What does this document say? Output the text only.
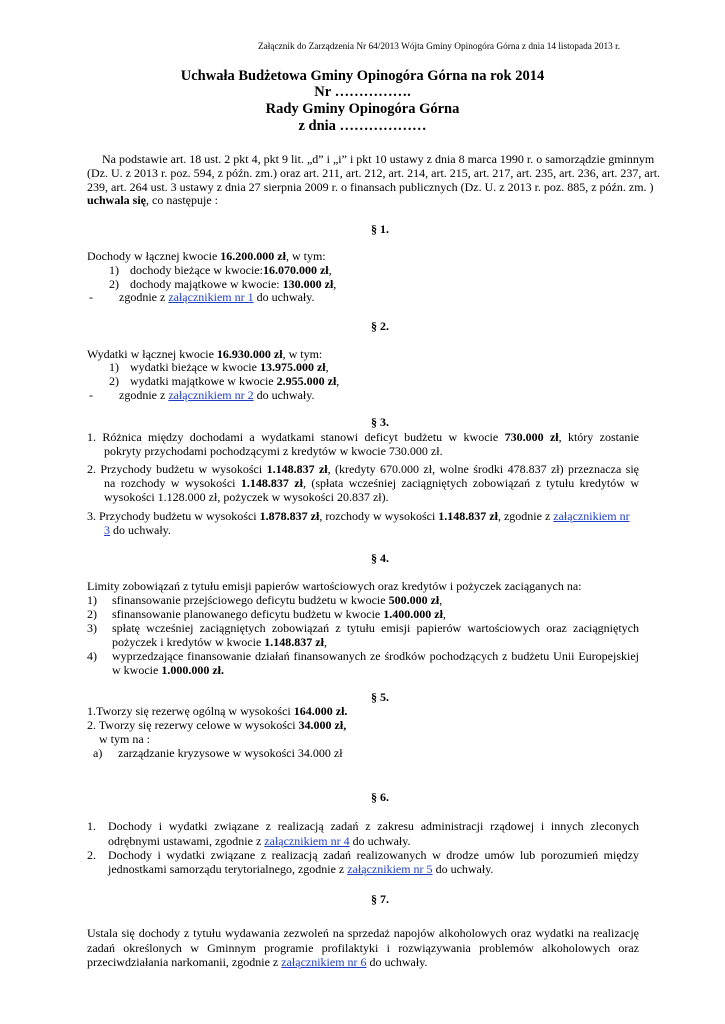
Załącznik do Zarządzenia Nr 64/2013 Wójta Gminy Opinogóra Górna z dnia 14 listopada 2013 r.
Uchwała Budżetowa Gminy Opinogóra Górna na rok 2014
Nr …………….
Rady Gminy Opinogóra Górna
z dnia ………………
Na podstawie art. 18 ust. 2 pkt 4, pkt 9 lit. „d” i „i” i pkt 10 ustawy z dnia 8 marca 1990 r. o samorządzie gminnym
(Dz. U. z 2013 r. poz. 594, z późn. zm.) oraz art. 211, art. 212, art. 214, art. 215, art. 217, art. 235, art. 236, art. 237, art.
239, art. 264 ust. 3 ustawy z dnia 27 sierpnia 2009 r. o finansach publicznych (Dz. U. z 2013 r. poz. 885, z późn. zm. )
uchwala się, co następuje :
§ 1.
Dochody w łącznej kwocie 16.200.000 zł, w tym:
1) dochody bieżące w kwocie:16.070.000 zł,
2) dochody majątkowe w kwocie: 130.000 zł,
- zgodnie z załącznikiem nr 1 do uchwały.
§ 2.
Wydatki w łącznej kwocie 16.930.000 zł, w tym:
1) wydatki bieżące w kwocie 13.975.000 zł,
2) wydatki majątkowe w kwocie 2.955.000 zł,
- zgodnie z załącznikiem nr 2 do uchwały.
§ 3.
1. Różnica między dochodami a wydatkami stanowi deficyt budżetu w kwocie 730.000 zł, który zostanie
pokryty przychodami pochodzącymi z kredytów w kwocie 730.000 zł.
2. Przychody budżetu w wysokości 1.148.837 zł, (kredyty 670.000 zł, wolne środki 478.837 zł) przeznacza się
na rozchody w wysokości 1.148.837 zł, (spłata wcześniej zaciągniętych zobowiązań z tytułu kredytów w
wysokości 1.128.000 zł, pożyczek w wysokości 20.837 zł).
3. Przychody budżetu w wysokości 1.878.837 zł, rozchody w wysokości 1.148.837 zł, zgodnie z załącznikiem nr
3 do uchwały.
§ 4.
Limity zobowiązań z tytułu emisji papierów wartościowych oraz kredytów i pożyczek zaciąganych na:
1) sfinansowanie przejściowego deficytu budżetu w kwocie 500.000 zł,
2) sfinansowanie planowanego deficytu budżetu w kwocie 1.400.000 zł,
3) spłatę wcześniej zaciągniętych zobowiązań z tytułu emisji papierów wartościowych oraz zaciągniętych
pożyczek i kredytów w kwocie 1.148.837 zł,
4) wyprzedzające finansowanie działań finansowanych ze środków pochodzących z budżetu Unii Europejskiej
w kwocie 1.000.000 zł.
§ 5.
1.Tworzy się rezerwę ogólną w wysokości 164.000 zł.
2. Tworzy się rezerwy celowe w wysokości 34.000 zł,
w tym na :
a) zarządzanie kryzysowe w wysokości 34.000 zł
§ 6.
1. Dochody i wydatki związane z realizacją zadań z zakresu administracji rządowej i innych zleconych
odrębnymi ustawami, zgodnie z załącznikiem nr 4 do uchwały.
2. Dochody i wydatki związane z realizacją zadań realizowanych w drodze umów lub porozumień między
jednostkami samorządu terytorialnego, zgodnie z załącznikiem nr 5 do uchwały.
§ 7.
Ustala się dochody z tytułu wydawania zezwoleń na sprzedaż napojów alkoholowych oraz wydatki na realizację
zadań określonych w Gminnym programie profilaktyki i rozwiązywania problemów alkoholowych oraz
przeciwdziałania narkomanii, zgodnie z załącznikiem nr 6 do uchwały.
